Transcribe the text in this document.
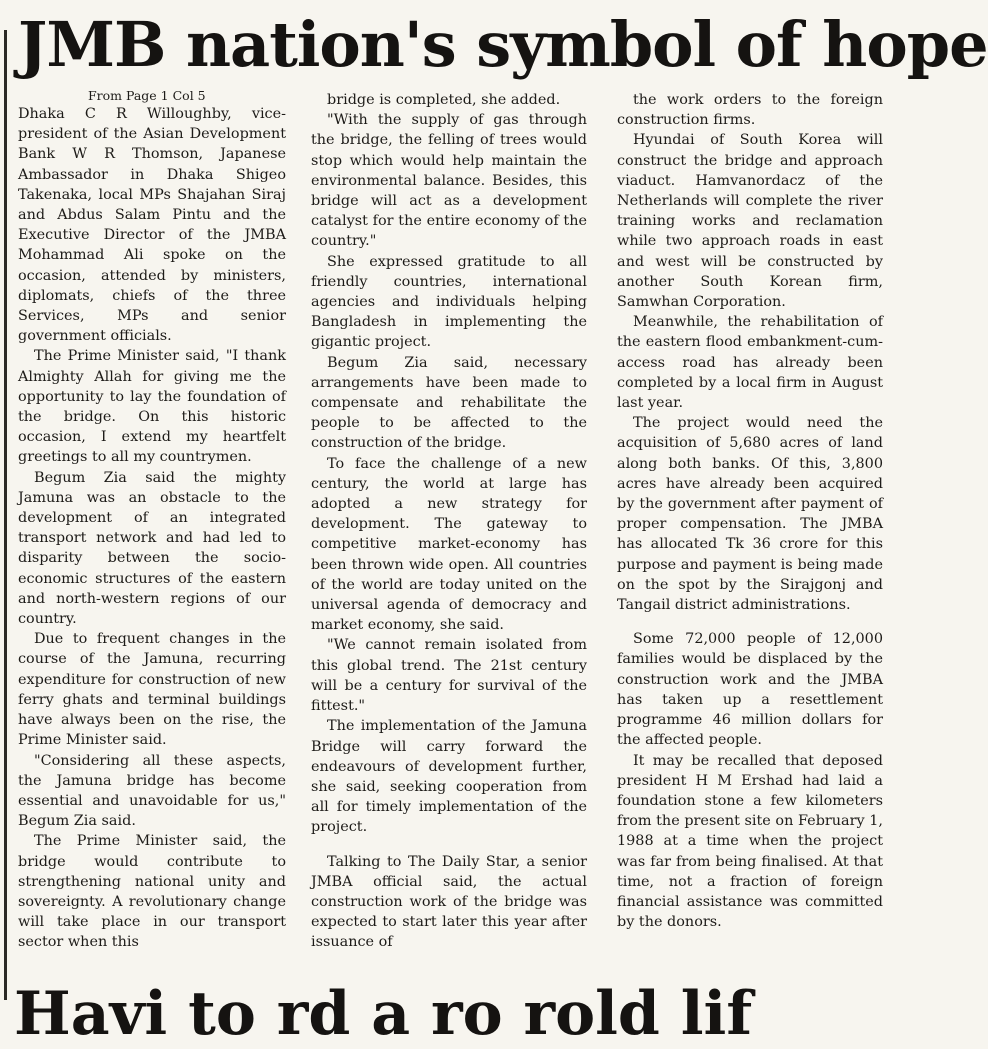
JMB nation's symbol of hope
From Page 1 Col 5

Dhaka C R Willoughby, vice-president of the Asian Development Bank W R Thomson, Japanese Ambassador in Dhaka Shigeo Takenaka, local MPs Shajahan Siraj and Abdus Salam Pintu and the Executive Director of the JMBA Mohammad Ali spoke on the occasion, attended by ministers, diplomats, chiefs of the three Services, MPs and senior government officials.

The Prime Minister said, "I thank Almighty Allah for giving me the opportunity to lay the foundation of the bridge. On this historic occasion, I extend my heartfelt greetings to all my countrymen.

Begum Zia said the mighty Jamuna was an obstacle to the development of an integrated transport network and had led to disparity between the socio-economic structures of the eastern and north-western regions of our country.

Due to frequent changes in the course of the Jamuna, recurring expenditure for construction of new ferry ghats and terminal buildings have always been on the rise, the Prime Minister said.

"Considering all these aspects, the Jamuna bridge has become essential and unavoidable for us," Begum Zia said.

The Prime Minister said, the bridge would contribute to strengthening national unity and sovereignty. A revolutionary change will take place in our transport sector when this

bridge is completed, she added.

"With the supply of gas through the bridge, the felling of trees would stop which would help maintain the environmental balance. Besides, this bridge will act as a development catalyst for the entire economy of the country."

She expressed gratitude to all friendly countries, international agencies and individuals helping Bangladesh in implementing the gigantic project.

Begum Zia said, necessary arrangements have been made to compensate and rehabilitate the people to be affected to the construction of the bridge.

To face the challenge of a new century, the world at large has adopted a new strategy for development. The gateway to competitive market-economy has been thrown wide open. All countries of the world are today united on the universal agenda of democracy and market economy, she said.

"We cannot remain isolated from this global trend. The 21st century will be a century for survival of the fittest."

The implementation of the Jamuna Bridge will carry forward the endeavours of development further, she said, seeking cooperation from all for timely implementation of the project.

Talking to The Daily Star, a senior JMBA official said, the actual construction work of the bridge was expected to start later this year after issuance of

the work orders to the foreign construction firms.

Hyundai of South Korea will construct the bridge and approach viaduct. Hamvanordacz of the Netherlands will complete the river training works and reclamation while two approach roads in east and west will be constructed by another South Korean firm, Samwhan Corporation.

Meanwhile, the rehabilitation of the eastern flood embankment-cum-access road has already been completed by a local firm in August last year.

The project would need the acquisition of 5,680 acres of land along both banks. Of this, 3,800 acres have already been acquired by the government after payment of proper compensation. The JMBA has allocated Tk 36 crore for this purpose and payment is being made on the spot by the Sirajgonj and Tangail district administrations.

Some 72,000 people of 12,000 families would be displaced by the construction work and the JMBA has taken up a resettlement programme 46 million dollars for the affected people.

It may be recalled that deposed president H M Ershad had laid a foundation stone a few kilometers from the present site on February 1, 1988 at a time when the project was far from being finalised. At that time, not a fraction of foreign financial assistance was committed by the donors.

Havi to rd a ro rold lif
